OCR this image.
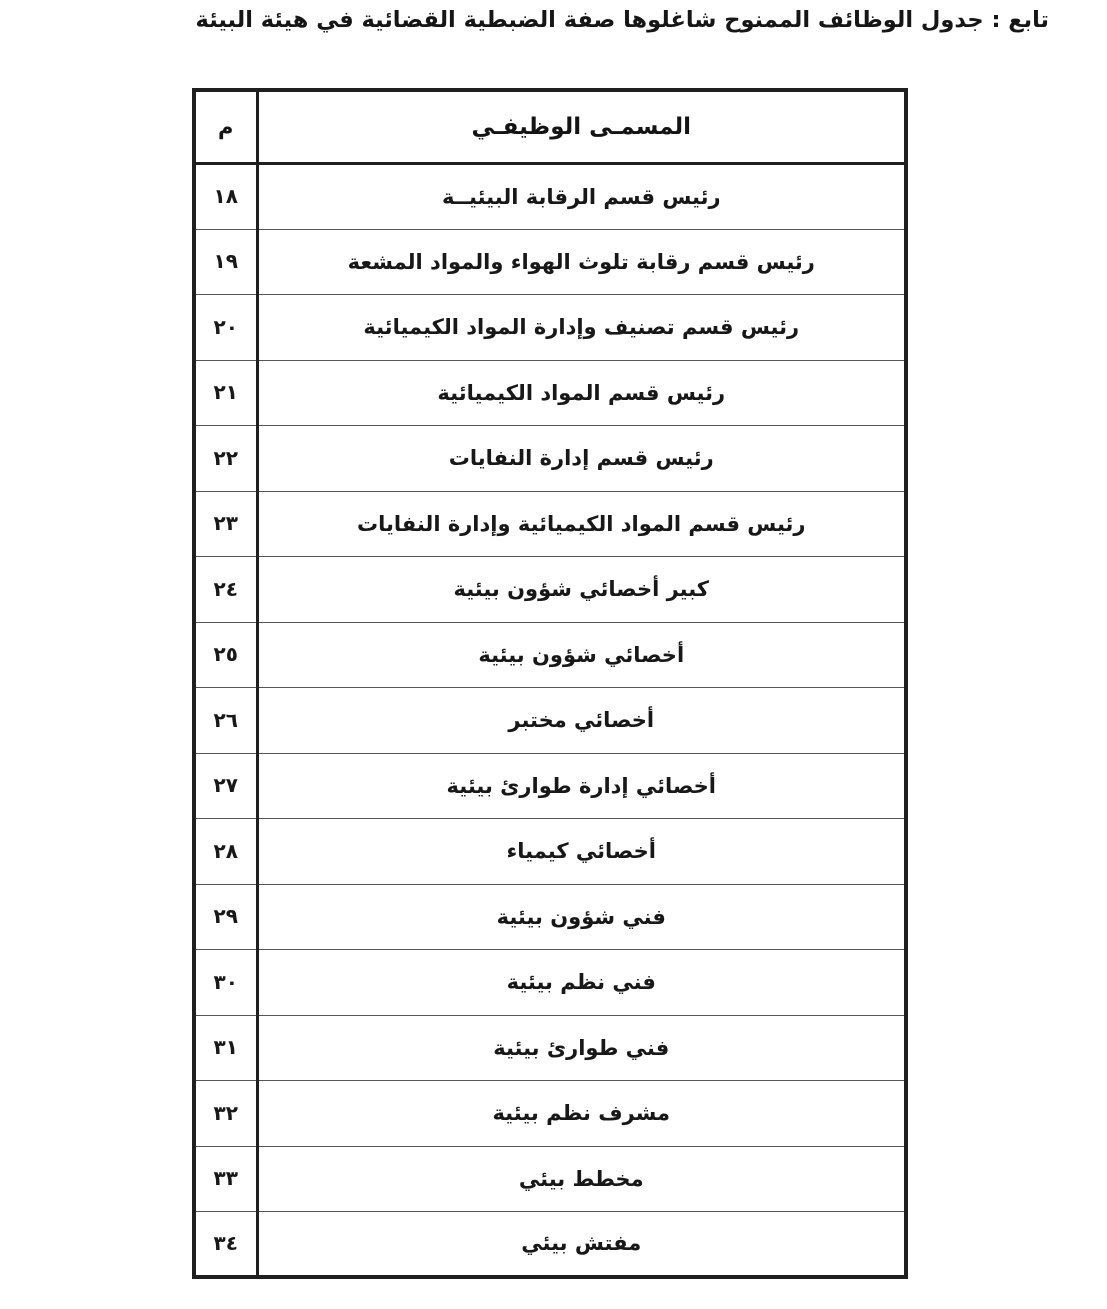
تابع : جدول الوظائف الممنوح شاغلوها صفة الضبطية القضائية في هيئة البيئة
المسمـى الوظيفـي	م

رئيس قسم الرقابة البيئيــة	١٨

رئيس قسم رقابة تلوث الهواء والمواد المشعة	١٩

رئيس قسم تصنيف وإدارة المواد الكيميائية	٢٠

رئيس قسم المواد الكيميائية	٢١

رئيس قسم إدارة النفايات	٢٢

رئيس قسم المواد الكيميائية وإدارة النفايات	٢٣

كبير أخصائي شؤون بيئية	٢٤

أخصائي شؤون بيئية	٢٥

أخصائي مختبر	٢٦

أخصائي إدارة طوارئ بيئية	٢٧

أخصائي كيمياء	٢٨

فني شؤون بيئية	٢٩

فني نظم بيئية	٣٠

فني طوارئ بيئية	٣١

مشرف نظم بيئية	٣٢

مخطط بيئي	٣٣

مفتش بيئي	٣٤
